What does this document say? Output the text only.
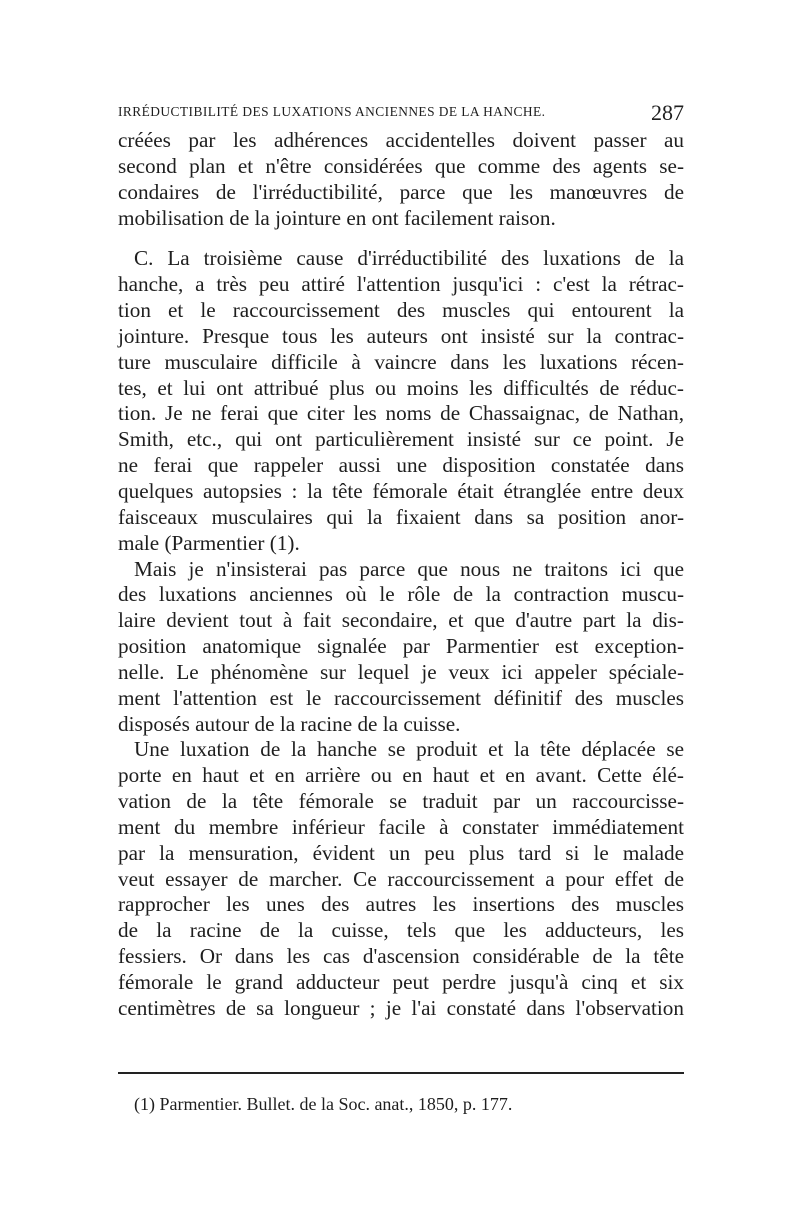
IRRÉDUCTIBILITÉ DES LUXATIONS ANCIENNES DE LA HANCHE.	287
créées par les adhérences accidentelles doivent passer au
second plan et n'être considérées que comme des agents se-
condaires de l'irréductibilité, parce que les manœuvres de
mobilisation de la jointure en ont facilement raison.
C. La troisième cause d'irréductibilité des luxations de la
hanche, a très peu attiré l'attention jusqu'ici : c'est la rétrac-
tion et le raccourcissement des muscles qui entourent la
jointure. Presque tous les auteurs ont insisté sur la contrac-
ture musculaire difficile à vaincre dans les luxations récen-
tes, et lui ont attribué plus ou moins les difficultés de réduc-
tion. Je ne ferai que citer les noms de Chassaignac, de Nathan,
Smith, etc., qui ont particulièrement insisté sur ce point. Je
ne ferai que rappeler aussi une disposition constatée dans
quelques autopsies : la tête fémorale était étranglée entre deux
faisceaux musculaires qui la fixaient dans sa position anor-
male (Parmentier (1).
Mais je n'insisterai pas parce que nous ne traitons ici que
des luxations anciennes où le rôle de la contraction muscu-
laire devient tout à fait secondaire, et que d'autre part la dis-
position anatomique signalée par Parmentier est exception-
nelle. Le phénomène sur lequel je veux ici appeler spéciale-
ment l'attention est le raccourcissement définitif des muscles
disposés autour de la racine de la cuisse.
Une luxation de la hanche se produit et la tête déplacée se
porte en haut et en arrière ou en haut et en avant. Cette élé-
vation de la tête fémorale se traduit par un raccourcisse-
ment du membre inférieur facile à constater immédiatement
par la mensuration, évident un peu plus tard si le malade
veut essayer de marcher. Ce raccourcissement a pour effet de
rapprocher les unes des autres les insertions des muscles
de la racine de la cuisse, tels que les adducteurs, les
fessiers. Or dans les cas d'ascension considérable de la tête
fémorale le grand adducteur peut perdre jusqu'à cinq et six
centimètres de sa longueur ; je l'ai constaté dans l'observation
(1) Parmentier. Bullet. de la Soc. anat., 1850, p. 177.
